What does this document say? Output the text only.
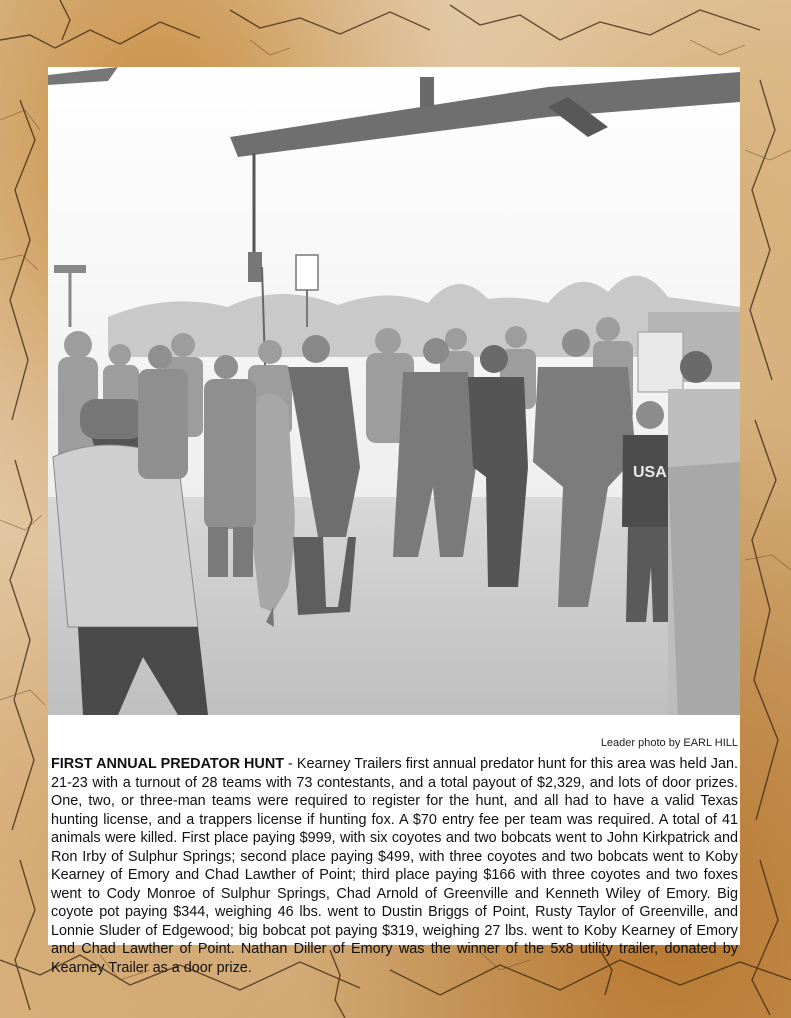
USA
Leader photo by EARL HILL
FIRST ANNUAL PREDATOR HUNT - Kearney Trailers first annual predator hunt for this area was held Jan. 21-23 with a turnout of 28 teams with 73 contestants, and a total payout of $2,329, and lots of door prizes. One, two, or three-man teams were required to register for the hunt, and all had to have a valid Texas hunting license, and a trappers license if hunting fox. A $70 entry fee per team was required. A total of 41 animals were killed. First place paying $999, with six coyotes and two bobcats went to John Kirkpatrick and Ron Irby of Sulphur Springs; second place paying $499, with three coyotes and two bobcats went to Koby Kearney of Emory and Chad Lawther of Point; third place paying $166 with three coyotes and two foxes went to Cody Monroe of Sulphur Springs, Chad Arnold of Greenville and Kenneth Wiley of Emory. Big coyote pot paying $344, weighing 46 lbs. went to Dustin Briggs of Point, Rusty Taylor of Greenville, and Lonnie Sluder of Edgewood; big bobcat pot paying $319, weighing 27 lbs. went to Koby Kearney of Emory and Chad Lawther of Point. Nathan Diller of Emory was the winner of the 5x8 utility trailer, donated by Kearney Trailer as a door prize.
